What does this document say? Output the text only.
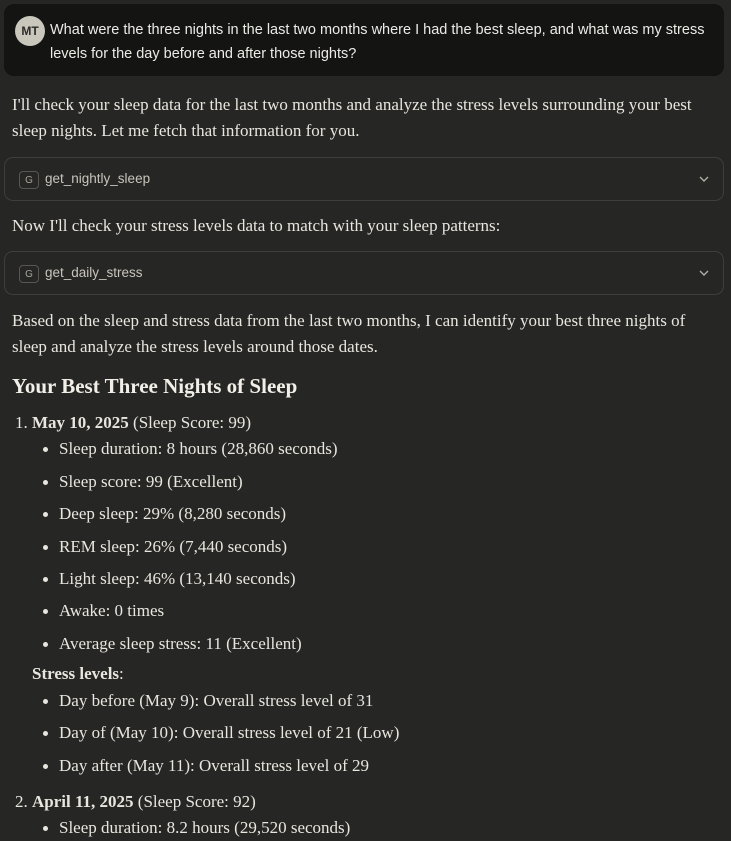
MT What were the three nights in the last two months where I had the best sleep, and what was my stress levels for the day before and after those nights?
I'll check your sleep data for the last two months and analyze the stress levels surrounding your best sleep nights. Let me fetch that information for you.
G get_nightly_sleep
Now I'll check your stress levels data to match with your sleep patterns:
G get_daily_stress
Based on the sleep and stress data from the last two months, I can identify your best three nights of sleep and analyze the stress levels around those dates.
Your Best Three Nights of Sleep
1. May 10, 2025 (Sleep Score: 99)
Sleep duration: 8 hours (28,860 seconds)
Sleep score: 99 (Excellent)
Deep sleep: 29% (8,280 seconds)
REM sleep: 26% (7,440 seconds)
Light sleep: 46% (13,140 seconds)
Awake: 0 times
Average sleep stress: 11 (Excellent)
Stress levels:
Day before (May 9): Overall stress level of 31
Day of (May 10): Overall stress level of 21 (Low)
Day after (May 11): Overall stress level of 29
2. April 11, 2025 (Sleep Score: 92)
Sleep duration: 8.2 hours (29,520 seconds)
